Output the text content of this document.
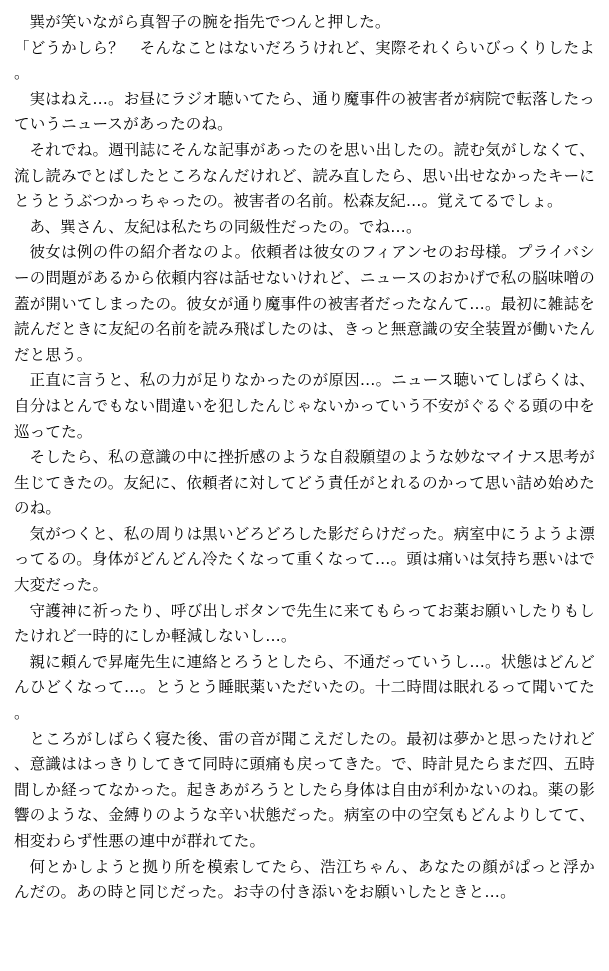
巽が笑いながら真智子の腕を指先でつんと押した。

「どうかしら？　そんなことはないだろうけれど、実際それくらいびっくりしたよ。

実はねえ…。お昼にラジオ聴いてたら、通り魔事件の被害者が病院で転落したっていうニュースがあったのね。

それでね。週刊誌にそんな記事があったのを思い出したの。読む気がしなくて、流し読みでとばしたところなんだけれど、読み直したら、思い出せなかったキーにとうとうぶつかっちゃったの。被害者の名前。松森友紀…。覚えてるでしょ。

あ、巽さん、友紀は私たちの同級性だったの。でね…。

彼女は例の件の紹介者なのよ。依頼者は彼女のフィアンセのお母様。プライバシーの問題があるから依頼内容は話せないけれど、ニュースのおかげで私の脳味噌の蓋が開いてしまったの。彼女が通り魔事件の被害者だったなんて…。最初に雑誌を読んだときに友紀の名前を読み飛ばしたのは、きっと無意識の安全装置が働いたんだと思う。

正直に言うと、私の力が足りなかったのが原因…。ニュース聴いてしばらくは、自分はとんでもない間違いを犯したんじゃないかっていう不安がぐるぐる頭の中を巡ってた。

そしたら、私の意識の中に挫折感のような自殺願望のような妙なマイナス思考が生じてきたの。友紀に、依頼者に対してどう責任がとれるのかって思い詰め始めたのね。

気がつくと、私の周りは黒いどろどろした影だらけだった。病室中にうようよ漂ってるの。身体がどんどん冷たくなって重くなって…。頭は痛いは気持ち悪いはで大変だった。

守護神に祈ったり、呼び出しボタンで先生に来てもらってお薬お願いしたりもしたけれど一時的にしか軽減しないし…。

親に頼んで昇庵先生に連絡とろうとしたら、不通だっていうし…。状態はどんどんひどくなって…。とうとう睡眠薬いただいたの。十二時間は眠れるって聞いてた。

ところがしばらく寝た後、雷の音が聞こえだしたの。最初は夢かと思ったけれど、意識ははっきりしてきて同時に頭痛も戻ってきた。で、時計見たらまだ四、五時間しか経ってなかった。起きあがろうとしたら身体は自由が利かないのね。薬の影響のような、金縛りのような辛い状態だった。病室の中の空気もどんよりしてて、相変わらず性悪の連中が群れてた。

何とかしようと拠り所を模索してたら、浩江ちゃん、あなたの顔がぱっと浮かんだの。あの時と同じだった。お寺の付き添いをお願いしたときと…。
